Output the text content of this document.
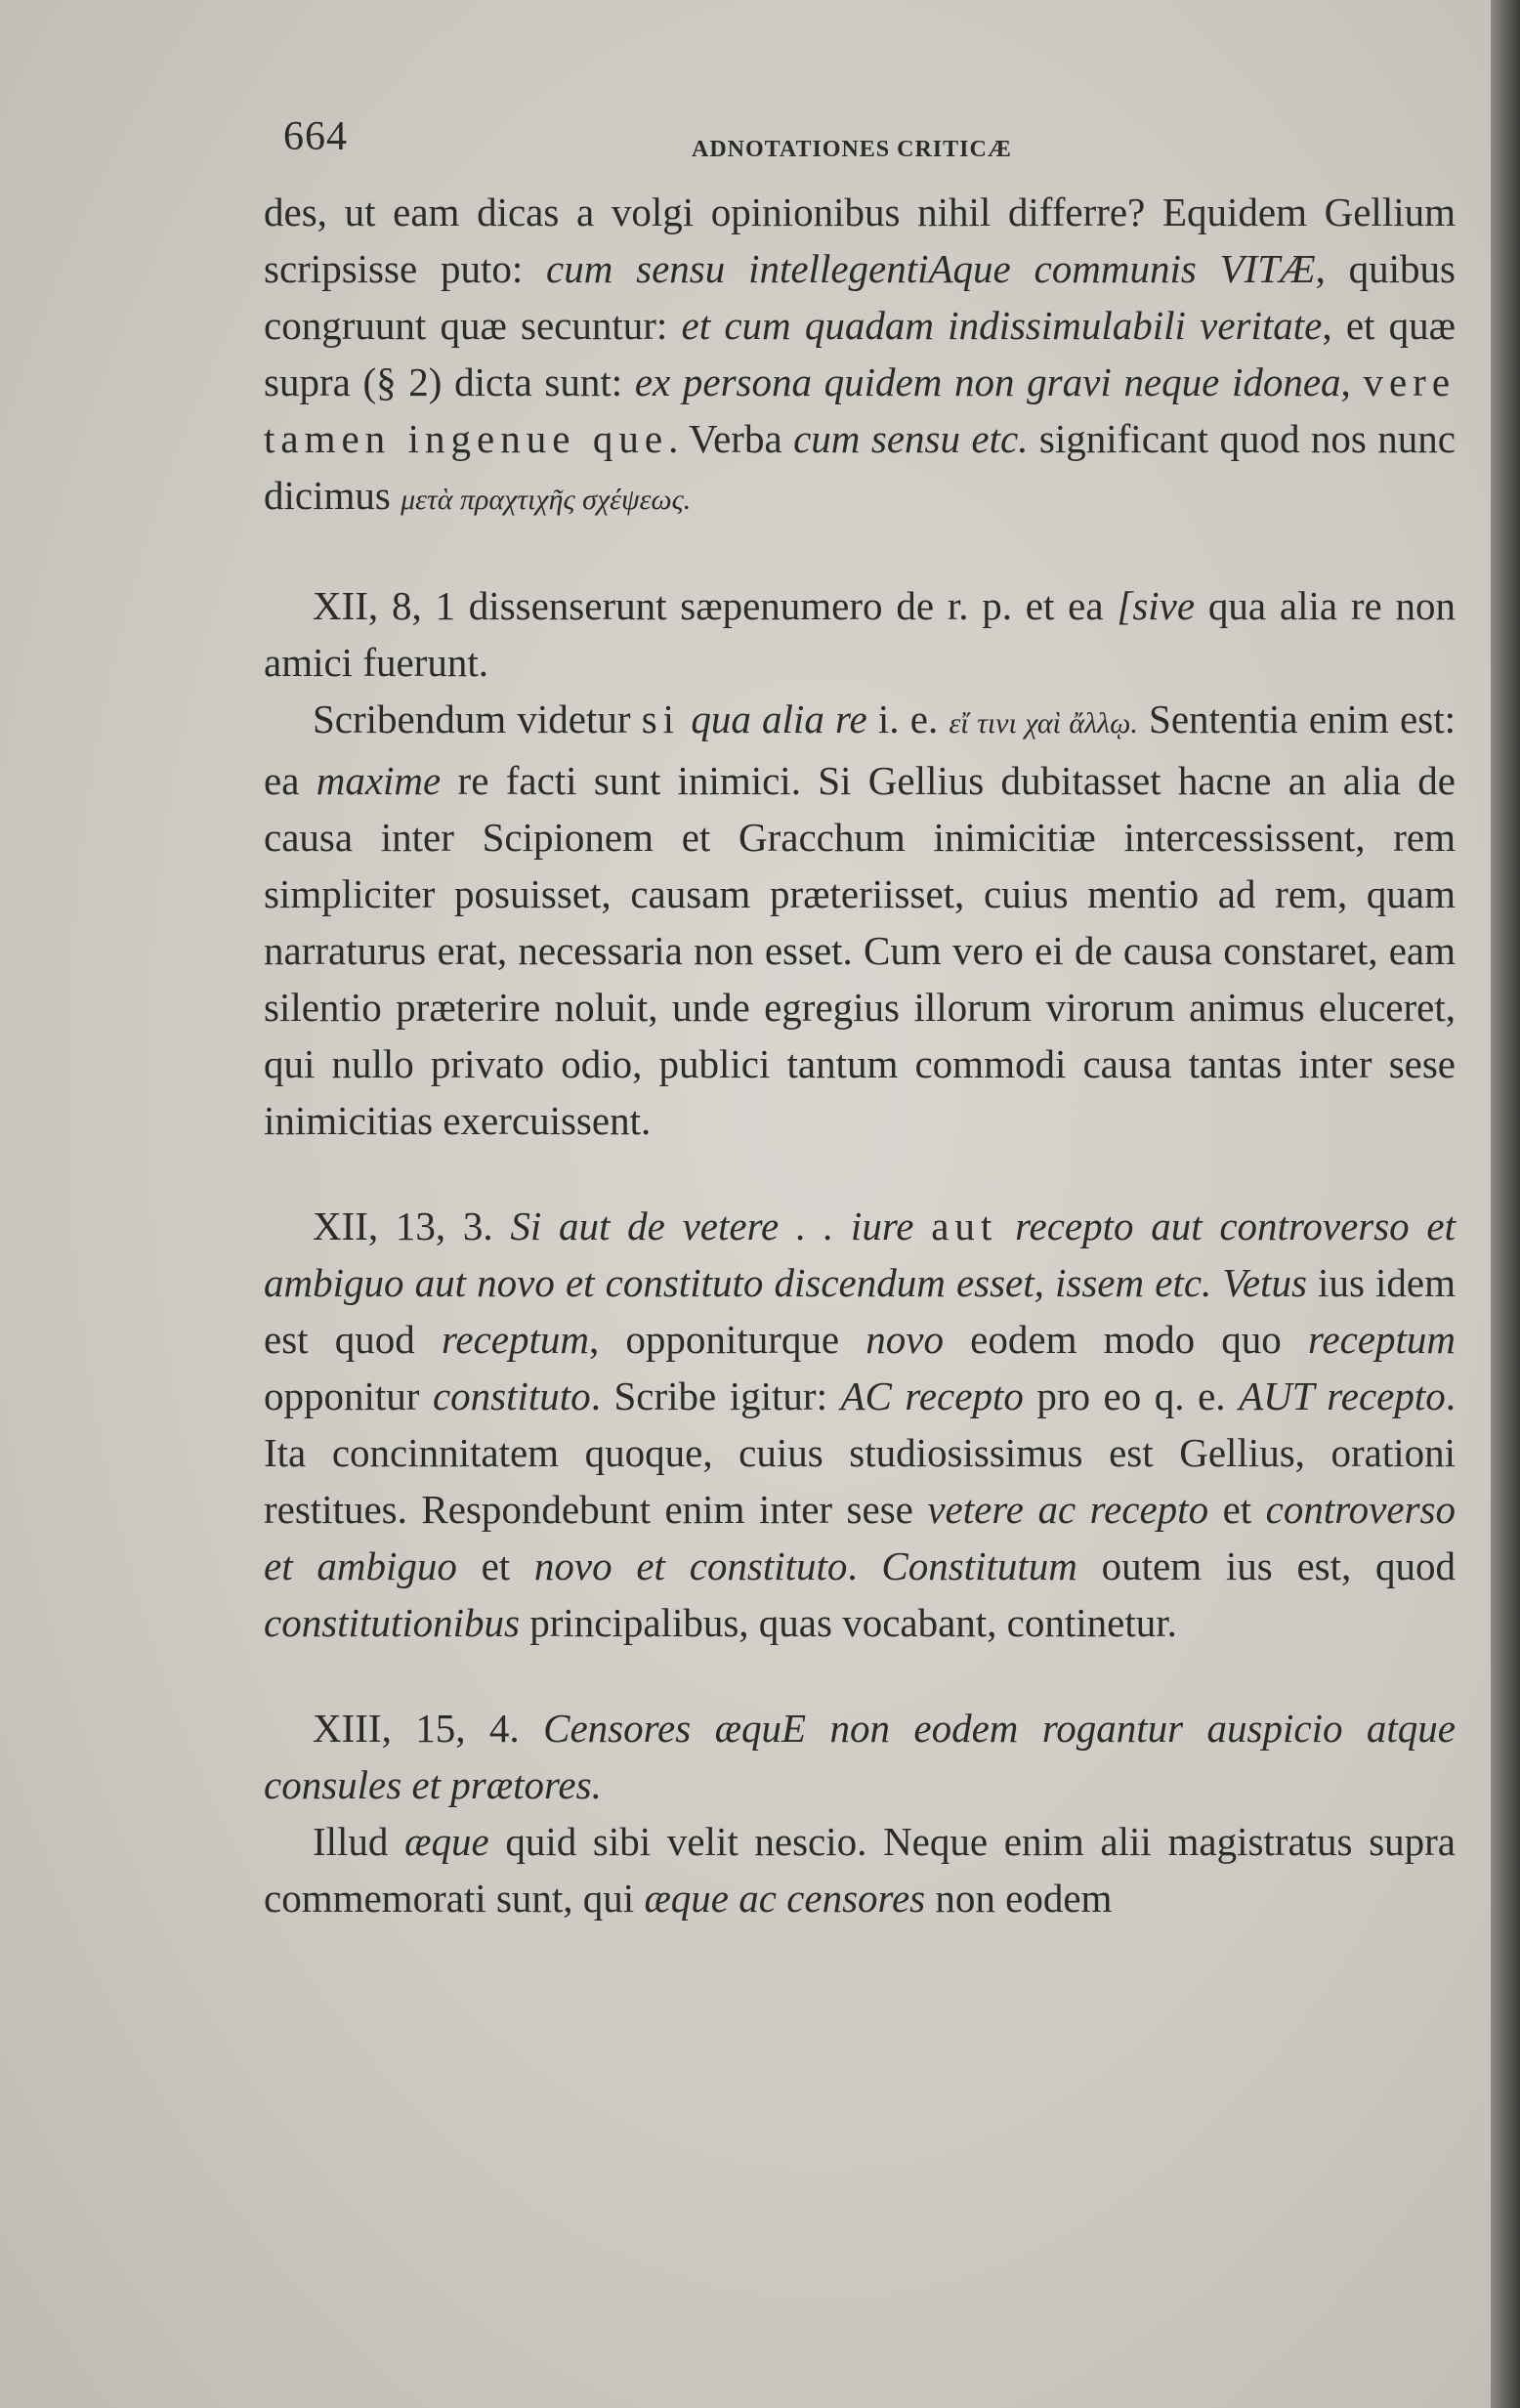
664	ADNOTATIONES CRITICÆ

des, ut eam dicas a volgi opinionibus nihil differre? Equidem Gellium scripsisse puto: cum sensu intellegentiAque communis VITÆ, quibus congruunt quæ secuntur: et cum quadam indissimulabili veritate, et quæ supra (§ 2) dicta sunt: ex persona quidem non gravi neque idonea, vere tamen ingenue que. Verba cum sensu etc. significant quod nos nunc dicimus μετὰ πραχτιχῆς σχέψεως.

XII, 8, 1 dissenserunt sæpenumero de r. p. et ea [sive qua alia re non amici fuerunt.

Scribendum videtur si qua alia re i. e. εἴ τινι χαὶ ἄλλῳ. Sententia enim est: ea maxime re facti sunt inimici. Si Gellius dubitasset hacne an alia de causa inter Scipionem et Gracchum inimicitiæ intercessissent, rem simpliciter posuisset, causam præteriisset, cuius mentio ad rem, quam narraturus erat, necessaria non esset. Cum vero ei de causa constaret, eam silentio præterire noluit, unde egregius illorum virorum animus eluceret, qui nullo privato odio, publici tantum commodi causa tantas inter sese inimicitias exercuissent.

XII, 13, 3. Si aut de vetere . . iure aut recepto aut controverso et ambiguo aut novo et constituto discendum esset, issem etc. Vetus ius idem est quod receptum, opponiturque novo eodem modo quo receptum opponitur constituto. Scribe igitur: AC recepto pro eo q. e. AUT recepto. Ita concinnitatem quoque, cuius studiosissimus est Gellius, orationi restitues. Respondebunt enim inter sese vetere ac recepto et controverso et ambiguo et novo et constituto. Constitutum outem ius est, quod constitutionibus principalibus, quas vocabant, continetur.

XIII, 15, 4. Censores æquE non eodem rogantur auspicio atque consules et prætores.

Illud æque quid sibi velit nescio. Neque enim alii magistratus supra commemorati sunt, qui æque ac censores non eodem
